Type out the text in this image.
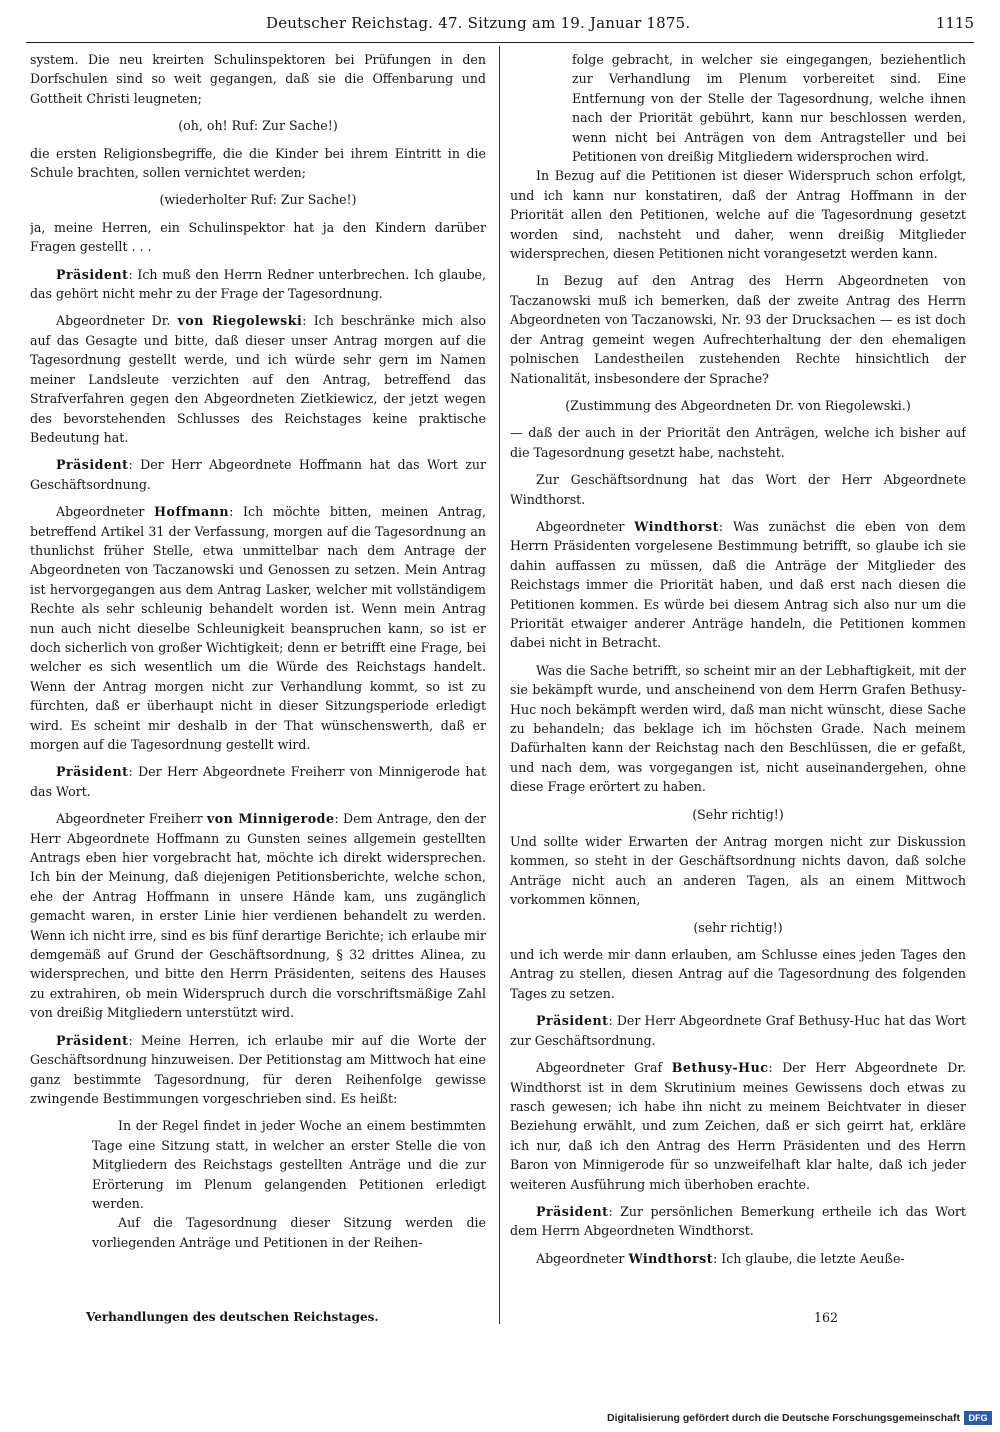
Deutscher Reichstag. 47. Sitzung am 19. Januar 1875.	1115

system. Die neu kreirten Schulinspektoren bei Prüfungen in den Dorfschulen sind so weit gegangen, daß sie die Offenbarung und Gottheit Christi leugneten;

(oh, oh! Ruf: Zur Sache!)

die ersten Religionsbegriffe, die die Kinder bei ihrem Eintritt in die Schule brachten, sollen vernichtet werden;

(wiederholter Ruf: Zur Sache!)

ja, meine Herren, ein Schulinspektor hat ja den Kindern darüber Fragen gestellt . . .

Präsident: Ich muß den Herrn Redner unterbrechen. Ich glaube, das gehört nicht mehr zu der Frage der Tagesordnung.

Abgeordneter Dr. von Riegolewski: Ich beschränke mich also auf das Gesagte und bitte, daß dieser unser Antrag morgen auf die Tagesordnung gestellt werde, und ich würde sehr gern im Namen meiner Landsleute verzichten auf den Antrag, betreffend das Strafverfahren gegen den Abgeordneten Zietkiewicz, der jetzt wegen des bevorstehenden Schlusses des Reichstages keine praktische Bedeutung hat.

Präsident: Der Herr Abgeordnete Hoffmann hat das Wort zur Geschäftsordnung.

Abgeordneter Hoffmann: Ich möchte bitten, meinen Antrag, betreffend Artikel 31 der Verfassung, morgen auf die Tagesordnung an thunlichst früher Stelle, etwa unmittelbar nach dem Antrage der Abgeordneten von Taczanowski und Genossen zu setzen. Mein Antrag ist hervorgegangen aus dem Antrag Lasker, welcher mit vollständigem Rechte als sehr schleunig behandelt worden ist. Wenn mein Antrag nun auch nicht dieselbe Schleunigkeit beanspruchen kann, so ist er doch sicherlich von großer Wichtigkeit; denn er betrifft eine Frage, bei welcher es sich wesentlich um die Würde des Reichstags handelt. Wenn der Antrag morgen nicht zur Verhandlung kommt, so ist zu fürchten, daß er überhaupt nicht in dieser Sitzungsperiode erledigt wird. Es scheint mir deshalb in der That wünschenswerth, daß er morgen auf die Tagesordnung gestellt wird.

Präsident: Der Herr Abgeordnete Freiherr von Minnigerode hat das Wort.

Abgeordneter Freiherr von Minnigerode: Dem Antrage, den der Herr Abgeordnete Hoffmann zu Gunsten seines allgemein gestellten Antrags eben hier vorgebracht hat, möchte ich direkt widersprechen. Ich bin der Meinung, daß diejenigen Petitionsberichte, welche schon, ehe der Antrag Hoffmann in unsere Hände kam, uns zugänglich gemacht waren, in erster Linie hier verdienen behandelt zu werden. Wenn ich nicht irre, sind es bis fünf derartige Berichte; ich erlaube mir demgemäß auf Grund der Geschäftsordnung, § 32 drittes Alinea, zu widersprechen, und bitte den Herrn Präsidenten, seitens des Hauses zu extrahiren, ob mein Widerspruch durch die vorschriftsmäßige Zahl von dreißig Mitgliedern unterstützt wird.

Präsident: Meine Herren, ich erlaube mir auf die Worte der Geschäftsordnung hinzuweisen. Der Petitionstag am Mittwoch hat eine ganz bestimmte Tagesordnung, für deren Reihenfolge gewisse zwingende Bestimmungen vorgeschrieben sind. Es heißt:

In der Regel findet in jeder Woche an einem bestimmten Tage eine Sitzung statt, in welcher an erster Stelle die von Mitgliedern des Reichstags gestellten Anträge und die zur Erörterung im Plenum gelangenden Petitionen erledigt werden.

Auf die Tagesordnung dieser Sitzung werden die vorliegenden Anträge und Petitionen in der Reihen-

folge gebracht, in welcher sie eingegangen, beziehentlich zur Verhandlung im Plenum vorbereitet sind. Eine Entfernung von der Stelle der Tagesordnung, welche ihnen nach der Priorität gebührt, kann nur beschlossen werden, wenn nicht bei Anträgen von dem Antragsteller und bei Petitionen von dreißig Mitgliedern widersprochen wird.

In Bezug auf die Petitionen ist dieser Widerspruch schon erfolgt, und ich kann nur konstatiren, daß der Antrag Hoffmann in der Priorität allen den Petitionen, welche auf die Tagesordnung gesetzt worden sind, nachsteht und daher, wenn dreißig Mitglieder widersprechen, diesen Petitionen nicht vorangesetzt werden kann.

In Bezug auf den Antrag des Herrn Abgeordneten von Taczanowski muß ich bemerken, daß der zweite Antrag des Herrn Abgeordneten von Taczanowski, Nr. 93 der Drucksachen — es ist doch der Antrag gemeint wegen Aufrechterhaltung der den ehemaligen polnischen Landestheilen zustehenden Rechte hinsichtlich der Nationalität, insbesondere der Sprache?

(Zustimmung des Abgeordneten Dr. von Riegolewski.)

— daß der auch in der Priorität den Anträgen, welche ich bisher auf die Tagesordnung gesetzt habe, nachsteht.

Zur Geschäftsordnung hat das Wort der Herr Abgeordnete Windthorst.

Abgeordneter Windthorst: Was zunächst die eben von dem Herrn Präsidenten vorgelesene Bestimmung betrifft, so glaube ich sie dahin auffassen zu müssen, daß die Anträge der Mitglieder des Reichstags immer die Priorität haben, und daß erst nach diesen die Petitionen kommen. Es würde bei diesem Antrag sich also nur um die Priorität etwaiger anderer Anträge handeln, die Petitionen kommen dabei nicht in Betracht.

Was die Sache betrifft, so scheint mir an der Lebhaftigkeit, mit der sie bekämpft wurde, und anscheinend von dem Herrn Grafen Bethusy-Huc noch bekämpft werden wird, daß man nicht wünscht, diese Sache zu behandeln; das beklage ich im höchsten Grade. Nach meinem Dafürhalten kann der Reichstag nach den Beschlüssen, die er gefaßt, und nach dem, was vorgegangen ist, nicht auseinandergehen, ohne diese Frage erörtert zu haben.

(Sehr richtig!)

Und sollte wider Erwarten der Antrag morgen nicht zur Diskussion kommen, so steht in der Geschäftsordnung nichts davon, daß solche Anträge nicht auch an anderen Tagen, als an einem Mittwoch vorkommen können,

(sehr richtig!)

und ich werde mir dann erlauben, am Schlusse eines jeden Tages den Antrag zu stellen, diesen Antrag auf die Tagesordnung des folgenden Tages zu setzen.

Präsident: Der Herr Abgeordnete Graf Bethusy-Huc hat das Wort zur Geschäftsordnung.

Abgeordneter Graf Bethusy-Huc: Der Herr Abgeordnete Dr. Windthorst ist in dem Skrutinium meines Gewissens doch etwas zu rasch gewesen; ich habe ihn nicht zu meinem Beichtvater in dieser Beziehung erwählt, und zum Zeichen, daß er sich geirrt hat, erkläre ich nur, daß ich den Antrag des Herrn Präsidenten und des Herrn Baron von Minnigerode für so unzweifelhaft klar halte, daß ich jeder weiteren Ausführung mich überhoben erachte.

Präsident: Zur persönlichen Bemerkung ertheile ich das Wort dem Herrn Abgeordneten Windthorst.

Abgeordneter Windthorst: Ich glaube, die letzte Aeuße-

Verhandlungen des deutschen Reichstages.	162
Digitalisierung gefördert durch die Deutsche Forschungsgemeinschaft DFG
